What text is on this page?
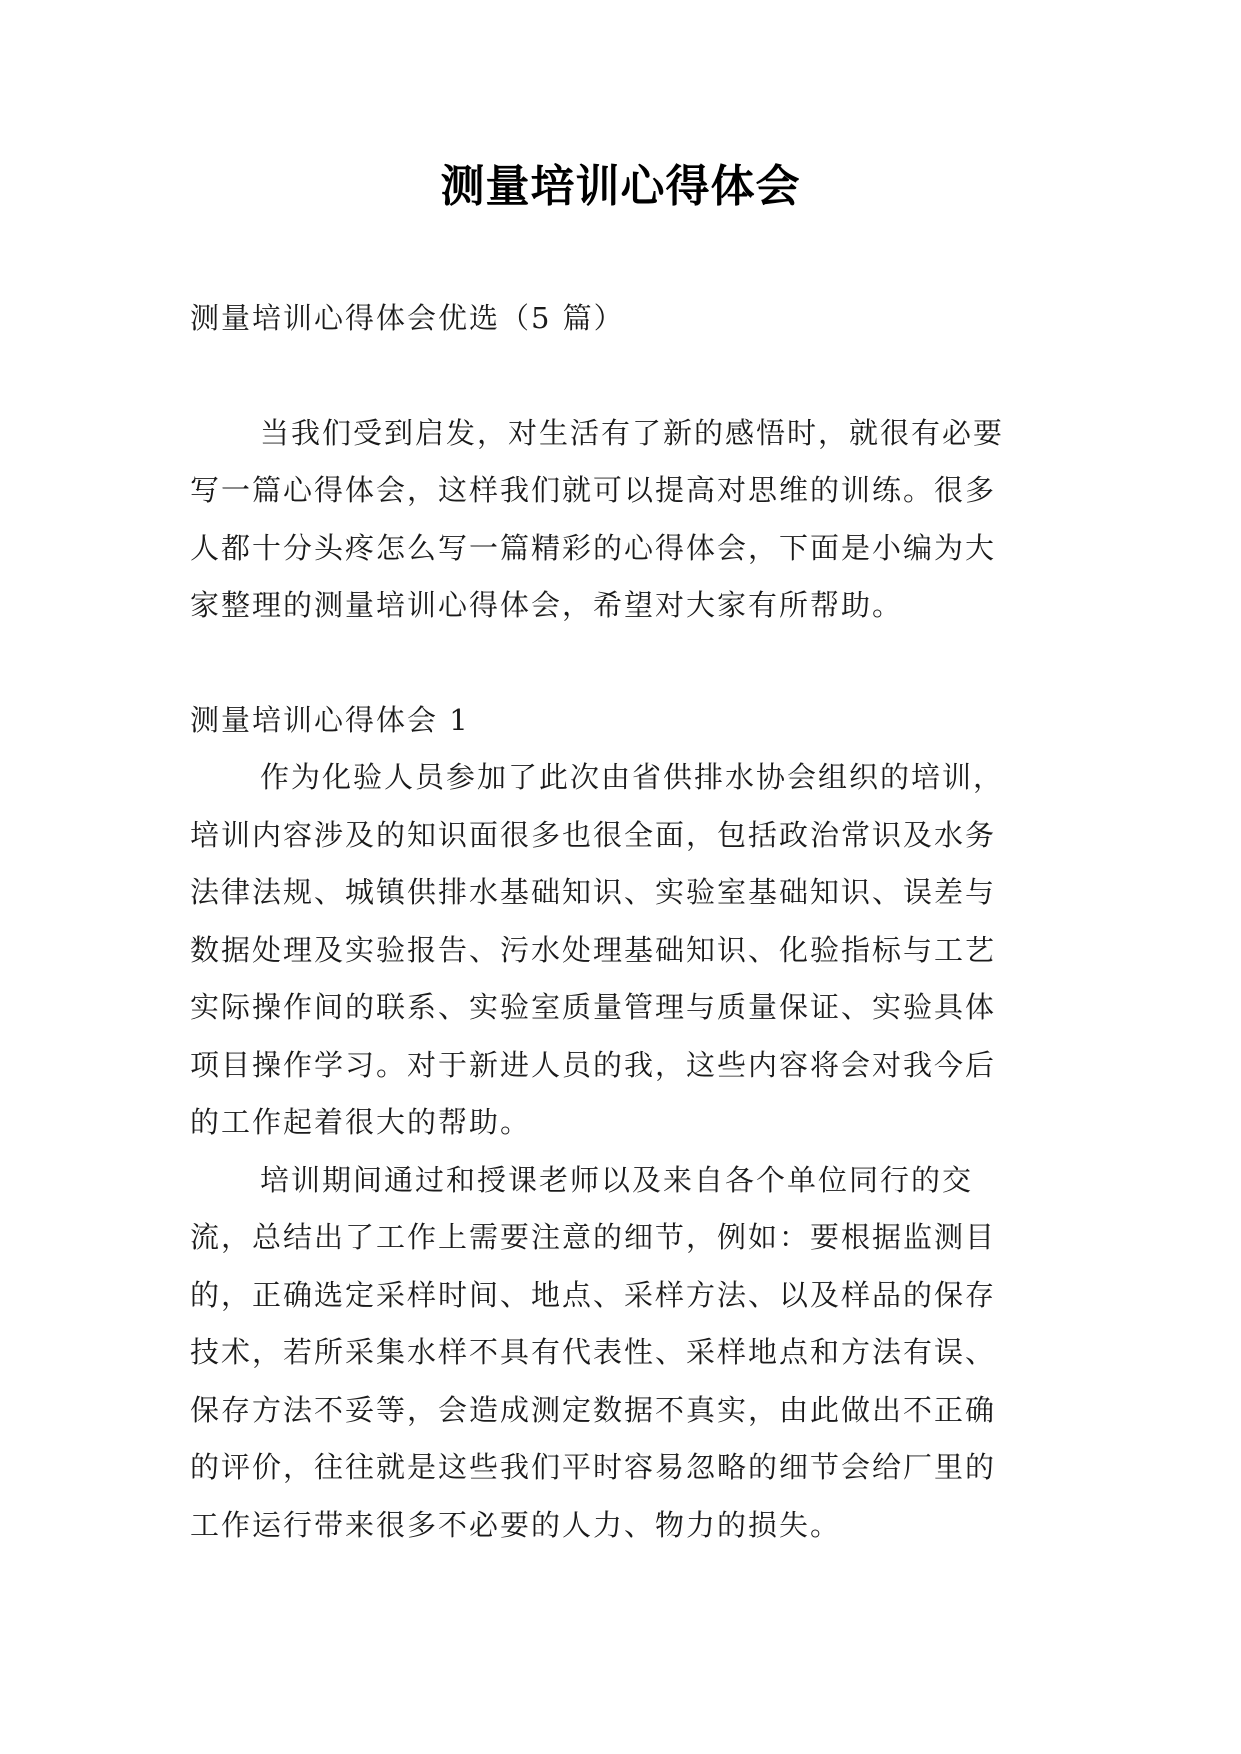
测量培训心得体会

测量培训心得体会优选（5 篇）

当我们受到启发，对生活有了新的感悟时，就很有必要

写一篇心得体会，这样我们就可以提高对思维的训练。很多

人都十分头疼怎么写一篇精彩的心得体会，下面是小编为大

家整理的测量培训心得体会，希望对大家有所帮助。

测量培训心得体会 1

作为化验人员参加了此次由省供排水协会组织的培训，

培训内容涉及的知识面很多也很全面，包括政治常识及水务

法律法规、城镇供排水基础知识、实验室基础知识、误差与

数据处理及实验报告、污水处理基础知识、化验指标与工艺

实际操作间的联系、实验室质量管理与质量保证、实验具体

项目操作学习。对于新进人员的我，这些内容将会对我今后

的工作起着很大的帮助。

培训期间通过和授课老师以及来自各个单位同行的交

流，总结出了工作上需要注意的细节，例如：要根据监测目

的，正确选定采样时间、地点、采样方法、以及样品的保存

技术，若所采集水样不具有代表性、采样地点和方法有误、

保存方法不妥等，会造成测定数据不真实，由此做出不正确

的评价，往往就是这些我们平时容易忽略的细节会给厂里的

工作运行带来很多不必要的人力、物力的损失。
